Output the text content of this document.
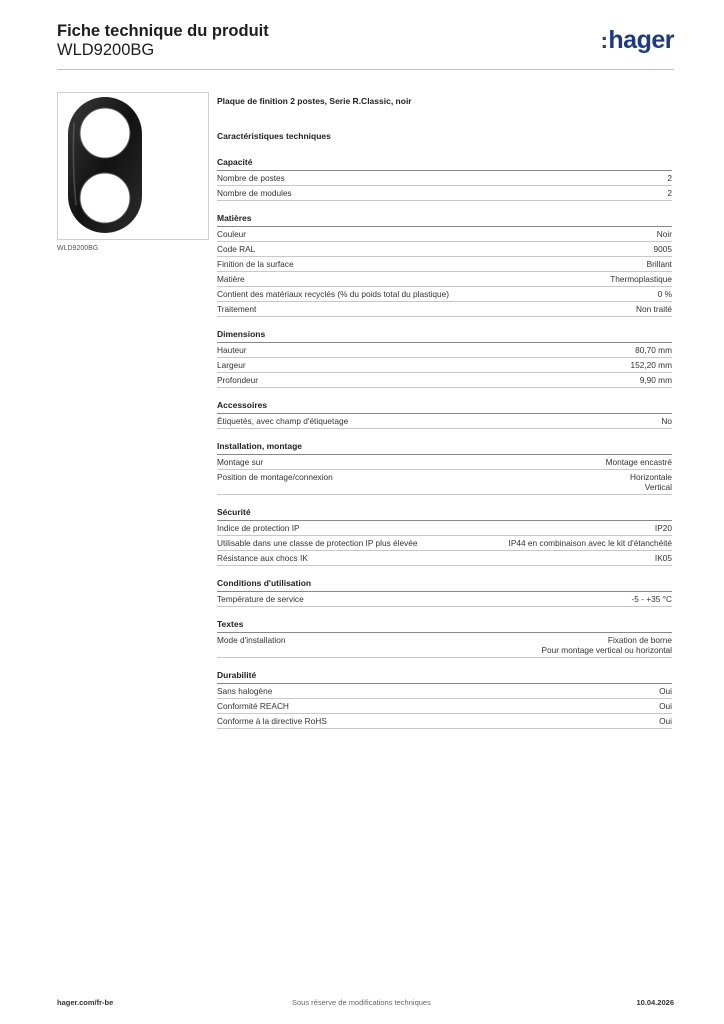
Fiche technique du produit
WLD9200BG	:hager
WLD9200BG
Plaque de finition 2 postes, Serie R.Classic, noir
Caractéristiques techniques
Capacité
Nombre de postes	2
Nombre de modules	2
Matières
Couleur	Noir
Code RAL	9005
Finition de la surface	Brillant
Matière	Thermoplastique
Contient des matériaux recyclés (% du poids total du plastique)	0 %
Traitement	Non traité
Dimensions
Hauteur	80,70 mm
Largeur	152,20 mm
Profondeur	9,90 mm
Accessoires
Étiquetés, avec champ d'étiquetage	No
Installation, montage
Montage sur	Montage encastré
Position de montage/connexion	Horizontale
Vertical
Sécurité
Indice de protection IP	IP20
Utilisable dans une classe de protection IP plus élevée	IP44 en combinaison avec le kit d'étanchéité
Résistance aux chocs IK	IK05
Conditions d'utilisation
Température de service	-5 - +35 °C
Textes
Mode d'installation	Fixation de borne
Pour montage vertical ou horizontal
Durabilité
Sans halogène	Oui
Conformité REACH	Oui
Conforme à la directive RoHS	Oui
hager.com/fr-be	Sous réserve de modifications techniques	10.04.2026
